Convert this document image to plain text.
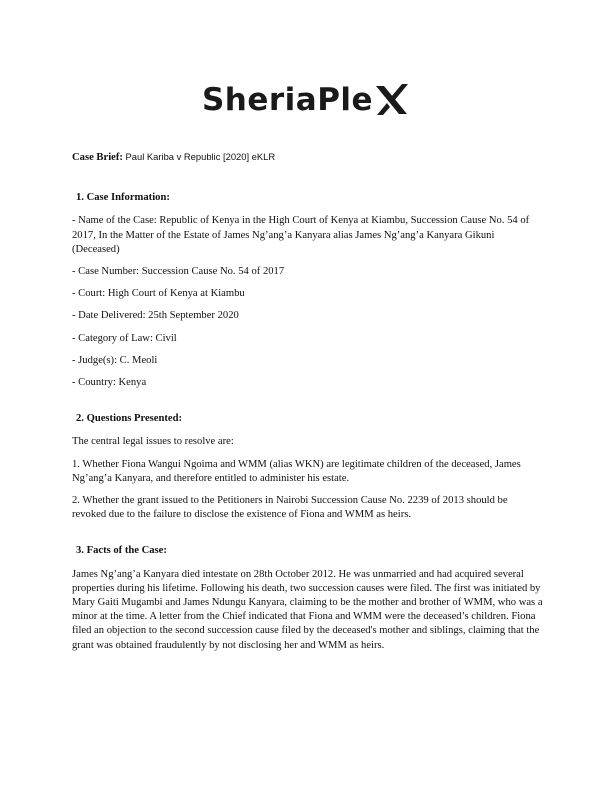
SheriaPle

Case Brief: Paul Kariba v Republic [2020] eKLR

1. Case Information:

- Name of the Case: Republic of Kenya in the High Court of Kenya at Kiambu, Succession Cause No. 54 of 2017, In the Matter of the Estate of James Ng’ang’a Kanyara alias James Ng’ang’a Kanyara Gikuni (Deceased)

- Case Number: Succession Cause No. 54 of 2017

- Court: High Court of Kenya at Kiambu

- Date Delivered: 25th September 2020

- Category of Law: Civil

- Judge(s): C. Meoli

- Country: Kenya

2. Questions Presented:

The central legal issues to resolve are:

1. Whether Fiona Wangui Ngoima and WMM (alias WKN) are legitimate children of the deceased, James Ng’ang’a Kanyara, and therefore entitled to administer his estate.

2. Whether the grant issued to the Petitioners in Nairobi Succession Cause No. 2239 of 2013 should be revoked due to the failure to disclose the existence of Fiona and WMM as heirs.

3. Facts of the Case:

James Ng’ang’a Kanyara died intestate on 28th October 2012. He was unmarried and had acquired several properties during his lifetime. Following his death, two succession causes were filed. The first was initiated by Mary Gaiti Mugambi and James Ndungu Kanyara, claiming to be the mother and brother of WMM, who was a minor at the time. A letter from the Chief indicated that Fiona and WMM were the deceased’s children. Fiona filed an objection to the second succession cause filed by the deceased's mother and siblings, claiming that the grant was obtained fraudulently by not disclosing her and WMM as heirs.
